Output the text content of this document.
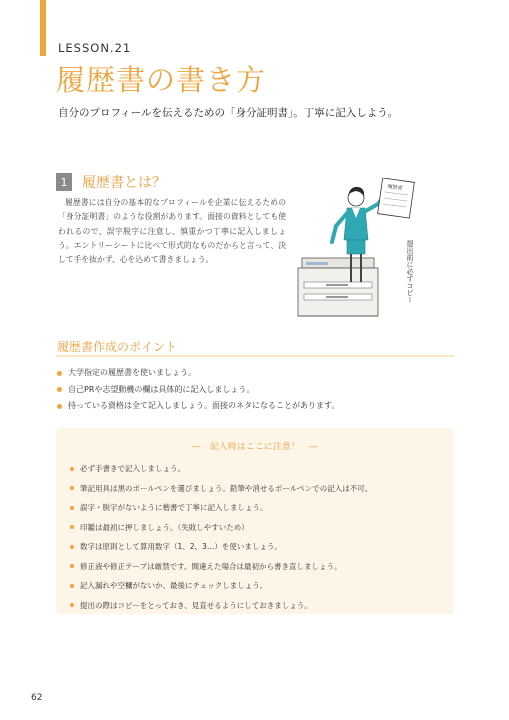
LESSON.21
履歴書の書き方
自分のプロフィールを伝えるための「身分証明書」。丁寧に記入しよう。
1	履歴書とは？
履歴書には自分の基本的なプロフィールを企業に伝えるための「身分証明書」のような役割があります。面接の資料としても使われるので、誤字脱字に注意し、慎重かつ丁寧に記入しましょう。エントリーシートに比べて形式的なものだからと言って、決して手を抜かず、心を込めて書きましょう。
履歴書
提出前に必ずコピー
履歴書作成のポイント
大学指定の履歴書を使いましょう。
自己PRや志望動機の欄は具体的に記入しましょう。
持っている資格は全て記入しましょう。面接のネタになることがあります。
―　記入時はここに注意！　―
必ず手書きで記入しましょう。
筆記用具は黒のボールペンを選びましょう。鉛筆や消せるボールペンでの記入は不可。
誤字・脱字がないように楷書で丁寧に記入しましょう。
印鑑は最初に押しましょう。（失敗しやすいため）
数字は原則として算用数字（1、2、3…）を使いましょう。
修正液や修正テープは厳禁です。間違えた場合は最初から書き直しましょう。
記入漏れや空欄がないか、最後にチェックしましょう。
提出の際はコピーをとっておき、見直せるようにしておきましょう。
62
